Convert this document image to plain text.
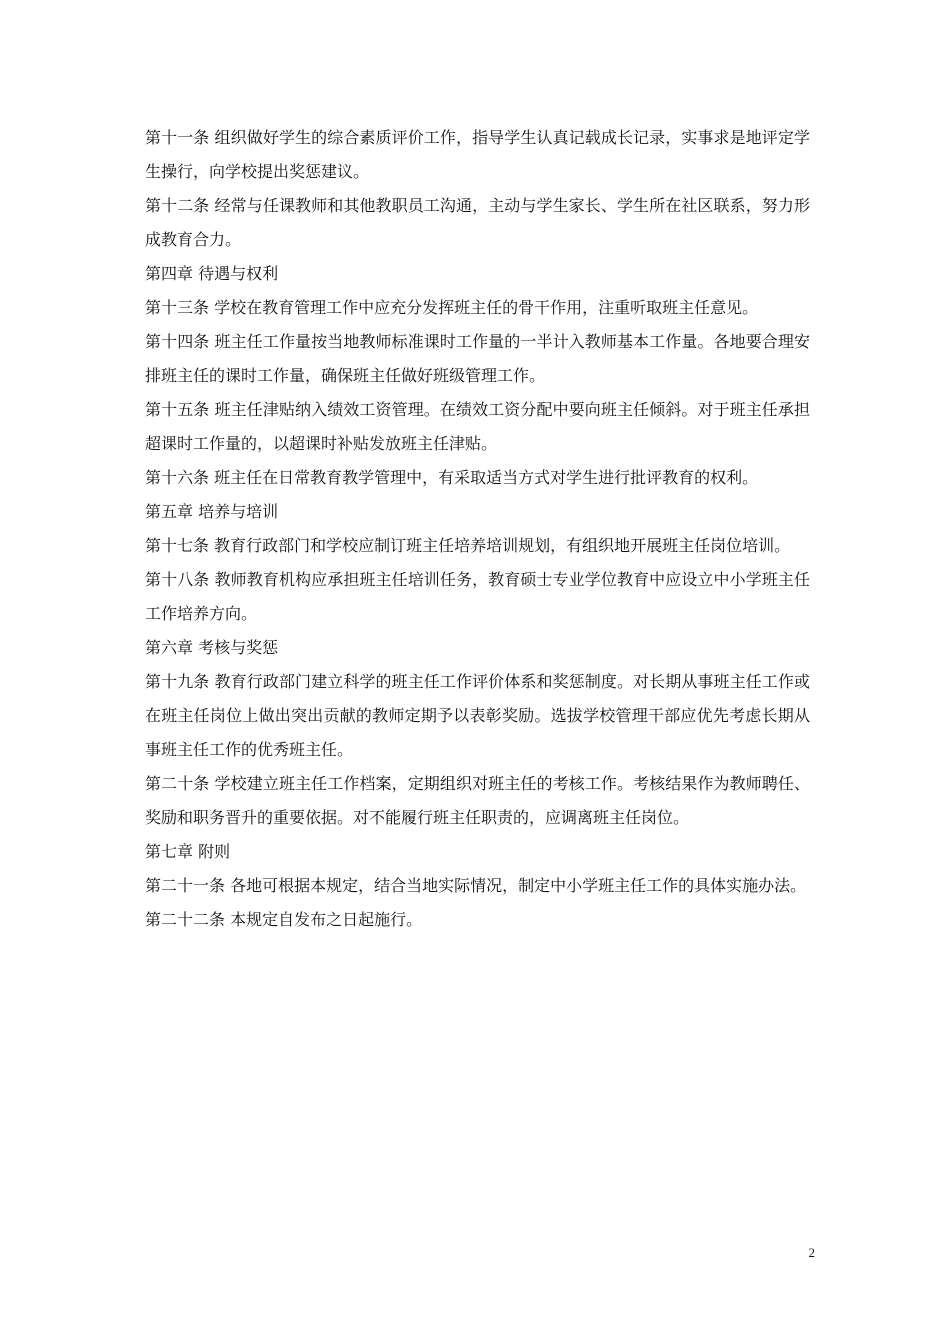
第十一条 组织做好学生的综合素质评价工作，指导学生认真记载成长记录，实事求是地评定学生操行，向学校提出奖惩建议。

第十二条 经常与任课教师和其他教职员工沟通，主动与学生家长、学生所在社区联系，努力形成教育合力。

第四章 待遇与权利

第十三条 学校在教育管理工作中应充分发挥班主任的骨干作用，注重听取班主任意见。

第十四条 班主任工作量按当地教师标准课时工作量的一半计入教师基本工作量。各地要合理安排班主任的课时工作量，确保班主任做好班级管理工作。

第十五条 班主任津贴纳入绩效工资管理。在绩效工资分配中要向班主任倾斜。对于班主任承担超课时工作量的，以超课时补贴发放班主任津贴。

第十六条 班主任在日常教育教学管理中，有采取适当方式对学生进行批评教育的权利。

第五章 培养与培训

第十七条 教育行政部门和学校应制订班主任培养培训规划，有组织地开展班主任岗位培训。

第十八条 教师教育机构应承担班主任培训任务，教育硕士专业学位教育中应设立中小学班主任工作培养方向。

第六章 考核与奖惩

第十九条 教育行政部门建立科学的班主任工作评价体系和奖惩制度。对长期从事班主任工作或在班主任岗位上做出突出贡献的教师定期予以表彰奖励。选拔学校管理干部应优先考虑长期从事班主任工作的优秀班主任。

第二十条 学校建立班主任工作档案，定期组织对班主任的考核工作。考核结果作为教师聘任、奖励和职务晋升的重要依据。对不能履行班主任职责的，应调离班主任岗位。

第七章 附则

第二十一条 各地可根据本规定，结合当地实际情况，制定中小学班主任工作的具体实施办法。

第二十二条 本规定自发布之日起施行。

2
